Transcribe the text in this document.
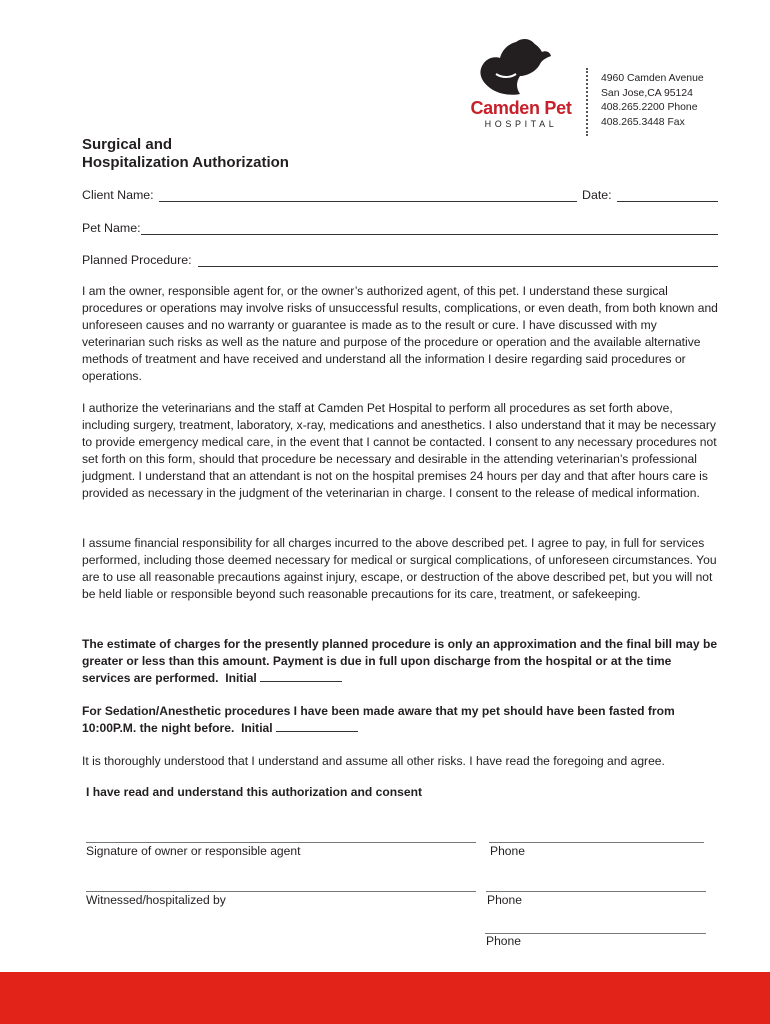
Camden Pet
HOSPITAL
4960 Camden Avenue
San Jose,CA 95124
408.265.2200 Phone
408.265.3448 Fax
Surgical and
Hospitalization Authorization
Client Name:	Date:
Pet Name:
Planned Procedure:
I am the owner, responsible agent for, or the owner’s authorized agent, of this pet. I understand these surgical procedures or operations may involve risks of unsuccessful results, complications, or even death, from both known and unforeseen causes and no warranty or guarantee is made as to the result or cure. I have discussed with my veterinarian such risks as well as the nature and purpose of the procedure or operation and the available alternative methods of treatment and have received and understand all the information I desire regarding said procedures or operations.
I authorize the veterinarians and the staff at Camden Pet Hospital to perform all procedures as set forth above, including surgery, treatment, laboratory, x-ray, medications and anesthetics. I also understand that it may be necessary to provide emergency medical care, in the event that I cannot be contacted. I consent to any necessary procedures not set forth on this form, should that procedure be necessary and desirable in the attending veterinarian’s professional judgment. I understand that an attendant is not on the hospital premises 24 hours per day and that after hours care is provided as necessary in the judgment of the veterinarian in charge. I consent to the release of medical information.
I assume financial responsibility for all charges incurred to the above described pet. I agree to pay, in full for services performed, including those deemed necessary for medical or surgical complications, of unforeseen circumstances. You are to use all reasonable precautions against injury, escape, or destruction of the above described pet, but you will not be held liable or responsible beyond such reasonable precautions for its care, treatment, or safekeeping.
The estimate of charges for the presently planned procedure is only an approximation and the final bill may be greater or less than this amount. Payment is due in full upon discharge from the hospital or at the time services are performed. Initial
For Sedation/Anesthetic procedures I have been made aware that my pet should have been fasted from 10:00P.M. the night before. Initial
It is thoroughly understood that I understand and assume all other risks. I have read the foregoing and agree.
I have read and understand this authorization and consent
Signature of owner or responsible agent	Phone
Witnessed/hospitalized by	Phone
Phone
